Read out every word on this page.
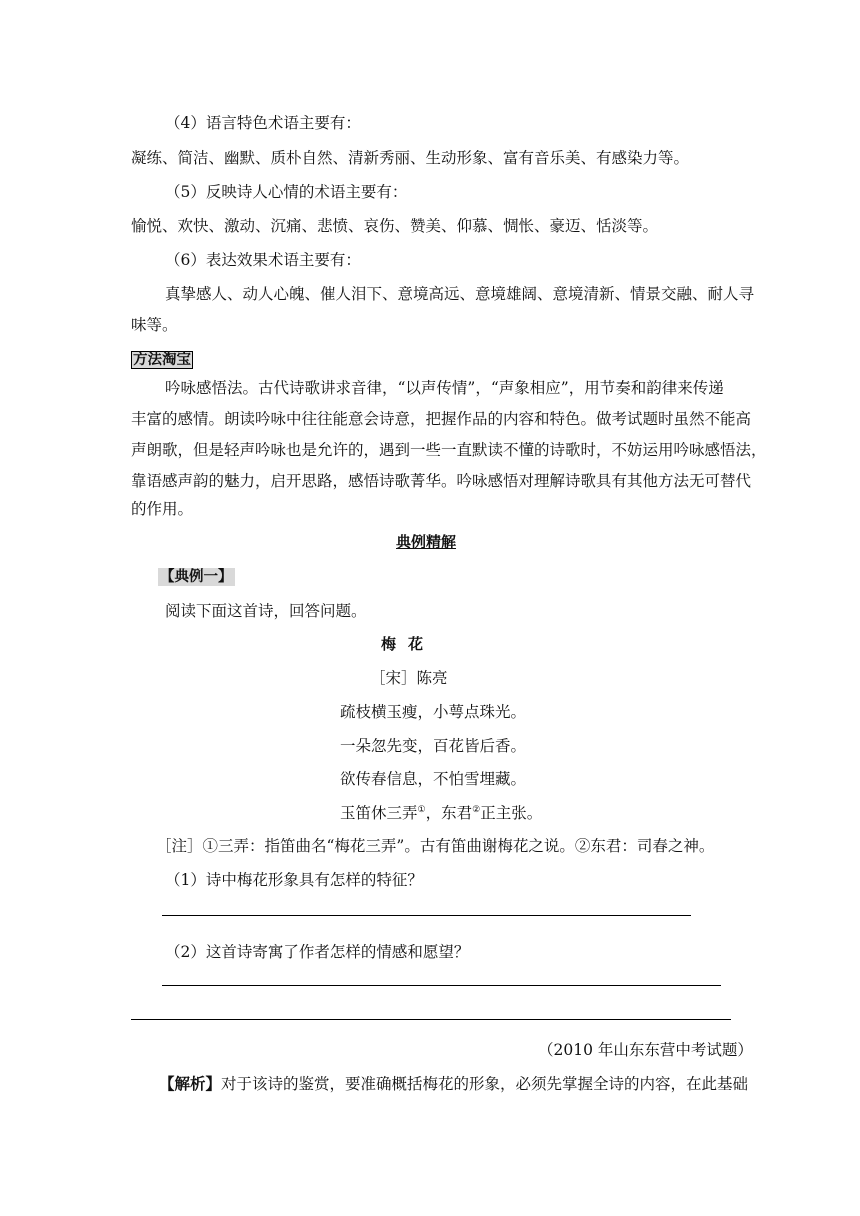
（4）语言特色术语主要有：
凝练、简洁、幽默、质朴自然、清新秀丽、生动形象、富有音乐美、有感染力等。
（5）反映诗人心情的术语主要有：
愉悦、欢快、激动、沉痛、悲愤、哀伤、赞美、仰慕、惆怅、豪迈、恬淡等。
（6）表达效果术语主要有：
真挚感人、动人心魄、催人泪下、意境高远、意境雄阔、意境清新、情景交融、耐人寻
味等。
方法淘宝
吟咏感悟法。古代诗歌讲求音律，“以声传情”，“声象相应”，用节奏和韵律来传递
丰富的感情。朗读吟咏中往往能意会诗意，把握作品的内容和特色。做考试题时虽然不能高
声朗歌，但是轻声吟咏也是允许的，遇到一些一直默读不懂的诗歌时，不妨运用吟咏感悟法，
靠语感声韵的魅力，启开思路，感悟诗歌菁华。吟咏感悟对理解诗歌具有其他方法无可替代
的作用。
典例精解
【典例一】
阅读下面这首诗，回答问题。
梅花
［宋］陈亮
疏枝横玉瘦，小萼点珠光。
一朵忽先变，百花皆后香。
欲传春信息，不怕雪埋藏。
玉笛休三弄①，东君②正主张。
［注］①三弄：指笛曲名“梅花三弄”。古有笛曲谢梅花之说。②东君：司春之神。
（1）诗中梅花形象具有怎样的特征？
（2）这首诗寄寓了作者怎样的情感和愿望？
（2010 年山东东营中考试题）
【解析】对于该诗的鉴赏，要准确概括梅花的形象，必须先掌握全诗的内容，在此基础
